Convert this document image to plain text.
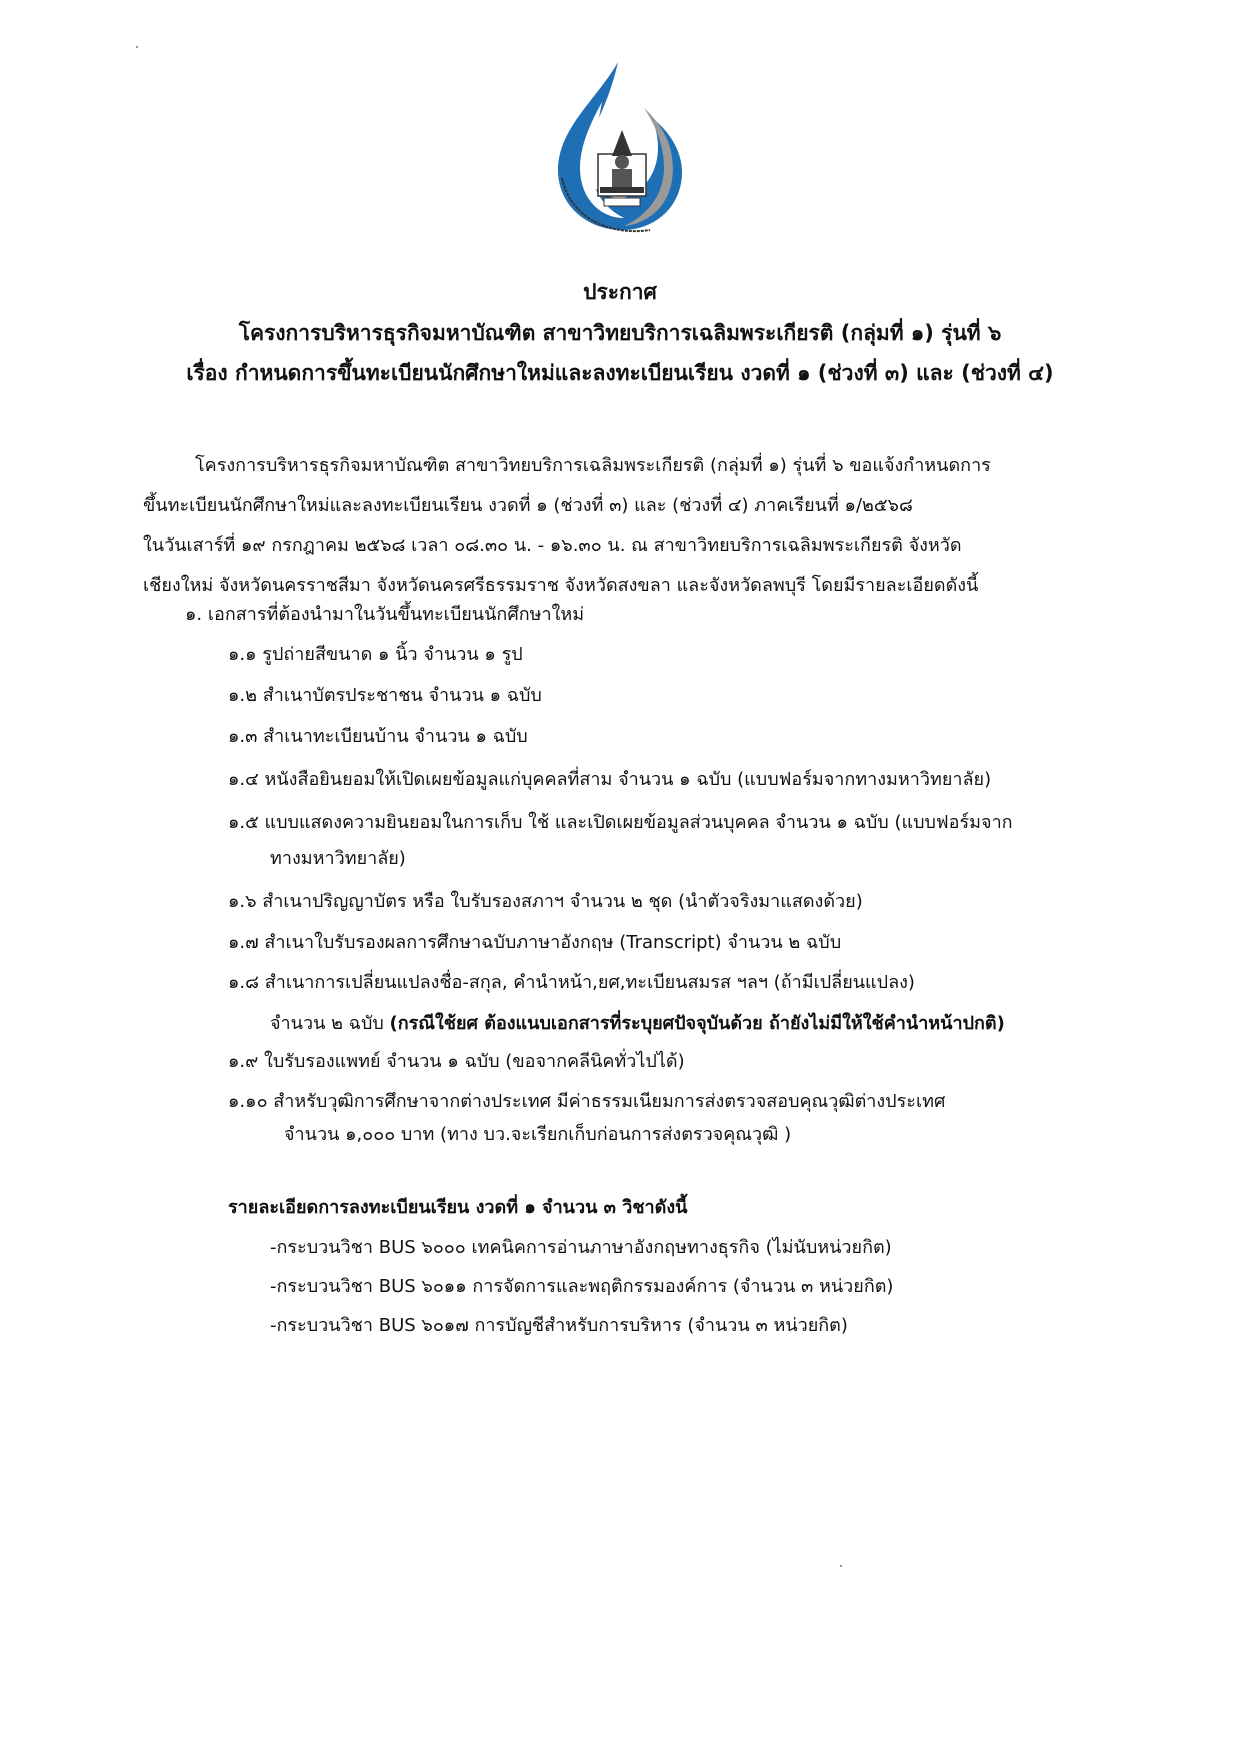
ประกาศ
โครงการบริหารธุรกิจมหาบัณฑิต สาขาวิทยบริการเฉลิมพระเกียรติ (กลุ่มที่ ๑) รุ่นที่ ๖
เรื่อง กำหนดการขึ้นทะเบียนนักศึกษาใหม่และลงทะเบียนเรียน งวดที่ ๑ (ช่วงที่ ๓) และ (ช่วงที่ ๔)

โครงการบริหารธุรกิจมหาบัณฑิต สาขาวิทยบริการเฉลิมพระเกียรติ (กลุ่มที่ ๑) รุ่นที่ ๖ ขอแจ้งกำหนดการ
ขึ้นทะเบียนนักศึกษาใหม่และลงทะเบียนเรียน งวดที่ ๑ (ช่วงที่ ๓) และ (ช่วงที่ ๔) ภาคเรียนที่ ๑/๒๕๖๘
ในวันเสาร์ที่ ๑๙ กรกฎาคม ๒๕๖๘ เวลา ๐๘.๓๐ น. - ๑๖.๓๐ น. ณ สาขาวิทยบริการเฉลิมพระเกียรติ จังหวัด
เชียงใหม่ จังหวัดนครราชสีมา จังหวัดนครศรีธรรมราช จังหวัดสงขลา และจังหวัดลพบุรี โดยมีรายละเอียดดังนี้

๑. เอกสารที่ต้องนำมาในวันขึ้นทะเบียนนักศึกษาใหม่
๑.๑ รูปถ่ายสีขนาด ๑ นิ้ว จำนวน ๑ รูป
๑.๒ สำเนาบัตรประชาชน จำนวน ๑ ฉบับ
๑.๓ สำเนาทะเบียนบ้าน จำนวน ๑ ฉบับ
๑.๔ หนังสือยินยอมให้เปิดเผยข้อมูลแก่บุคคลที่สาม จำนวน ๑ ฉบับ (แบบฟอร์มจากทางมหาวิทยาลัย)
๑.๕ แบบแสดงความยินยอมในการเก็บ ใช้ และเปิดเผยข้อมูลส่วนบุคคล จำนวน ๑ ฉบับ (แบบฟอร์มจาก
ทางมหาวิทยาลัย)
๑.๖ สำเนาปริญญาบัตร หรือ ใบรับรองสภาฯ จำนวน ๒ ชุด (นำตัวจริงมาแสดงด้วย)
๑.๗ สำเนาใบรับรองผลการศึกษาฉบับภาษาอังกฤษ (Transcript) จำนวน ๒ ฉบับ
๑.๘ สำเนาการเปลี่ยนแปลงชื่อ-สกุล, คำนำหน้า,ยศ,ทะเบียนสมรส ฯลฯ (ถ้ามีเปลี่ยนแปลง)
จำนวน ๒ ฉบับ (กรณีใช้ยศ ต้องแนบเอกสารที่ระบุยศปัจจุบันด้วย ถ้ายังไม่มีให้ใช้คำนำหน้าปกติ)
๑.๙ ใบรับรองแพทย์ จำนวน ๑ ฉบับ (ขอจากคลีนิคทั่วไปได้)
๑.๑๐ สำหรับวุฒิการศึกษาจากต่างประเทศ มีค่าธรรมเนียมการส่งตรวจสอบคุณวุฒิต่างประเทศ
จำนวน ๑,๐๐๐ บาท (ทาง บว.จะเรียกเก็บก่อนการส่งตรวจคุณวุฒิ )
รายละเอียดการลงทะเบียนเรียน งวดที่ ๑ จำนวน ๓ วิชาดังนี้
-กระบวนวิชา BUS ๖๐๐๐ เทคนิคการอ่านภาษาอังกฤษทางธุรกิจ (ไม่นับหน่วยกิต)
-กระบวนวิชา BUS ๖๐๑๑ การจัดการและพฤติกรรมองค์การ (จำนวน ๓ หน่วยกิต)
-กระบวนวิชา BUS ๖๐๑๗ การบัญชีสำหรับการบริหาร (จำนวน ๓ หน่วยกิต)
